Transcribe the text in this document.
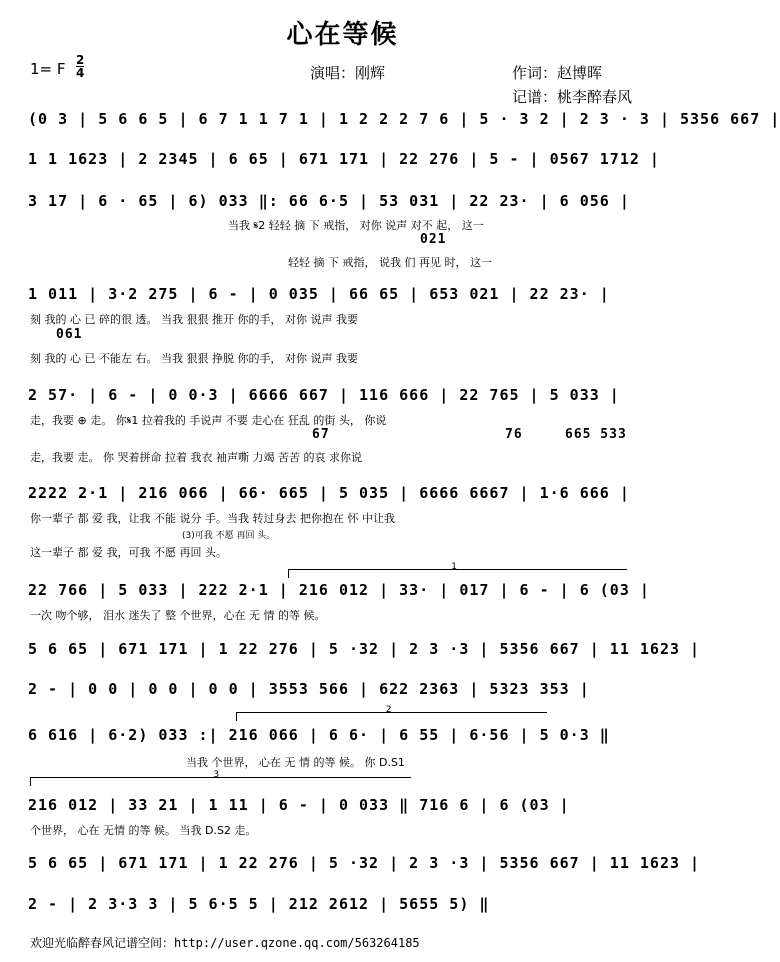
心在等候
1= F 2
4	演唱：刚辉	作词：赵博晖
记谱：桃李醉春风
(0 3 | 5 6 6 5 | 6 7 1 1 7 1 | 1 2 2 2 7 6 | 5 · 3 2 | 2 3 · 3 | 5356 667 |
1 1 1623 | 2 2345 | 6 65 | 671 171 | 22 276 | 5 - | 0567 1712 |
3 17 | 6 · 65 | 6) 033 ‖: 66 6·5 | 53 031 | 22 23· | 6 056 |
当我 𝄋2 轻轻 摘 下 戒指， 对你 说声 对不 起， 这一
021
轻轻 摘 下 戒指， 说我 们 再见 时， 这一
1 011 | 3·2 275 | 6 - | 0 035 | 66 65 | 653 021 | 22 23· |
刻 我的 心 已 碎的很 透。 当我 狠狠 推开 你的手， 对你 说声 我要
061
刻 我的 心 已 不能左 右。 当我 狠狠 挣脱 你的手， 对你 说声 我要
2 57· | 6 - | 0 0·3 | 6666 667 | 116 666 | 22 765 | 5 033 |
走，我要 ⊕ 走。 你𝄋1 拉着我的 手说声 不要 走心在 狂乱 的街 头， 你说
67	76	665 533
走，我要 走。 你 哭着拼命 拉着 我衣 袖声嘶 力竭 苦苦 的哀 求你说
2222 2·1 | 216 066 | 66· 665 | 5 035 | 6666 6667 | 1·6 666 |
你一辈子 都 爱 我，让我 不能 说分 手。当我 转过身去 把你抱在 怀 中让我
(3)可我 不愿 再回 头。
这一辈子 都 爱 我，可我 不愿 再回 头。
1
22 766 | 5 033 | 222 2·1 | 216 012 | 33· | 017 | 6 - | 6 (03 |
一次 吻个够， 泪水 迷失了 整 个世界，心在 无 情 的等 候。
5 6 65 | 671 171 | 1 22 276 | 5 ·32 | 2 3 ·3 | 5356 667 | 11 1623 |
2 - | 0 0 | 0 0 | 0 0 | 3553 566 | 622 2363 | 5323 353 |
2
6 616 | 6·2) 033 :| 216 066 | 6 6· | 6 55 | 6·56 | 5 0·3 ‖
当我 个世界， 心在 无 情 的等 候。 你 D.S1
3
216 012 | 33 21 | 1 11 | 6 - | 0 033 ‖ 716 6 | 6 (03 |
个世界， 心在 无情 的等 候。 当我 D.S2 走。
5 6 65 | 671 171 | 1 22 276 | 5 ·32 | 2 3 ·3 | 5356 667 | 11 1623 |
2 - | 2 3·3 3 | 5 6·5 5 | 212 2612 | 5655 5) ‖
欢迎光临醉春风记谱空间：http://user.qzone.qq.com/563264185
